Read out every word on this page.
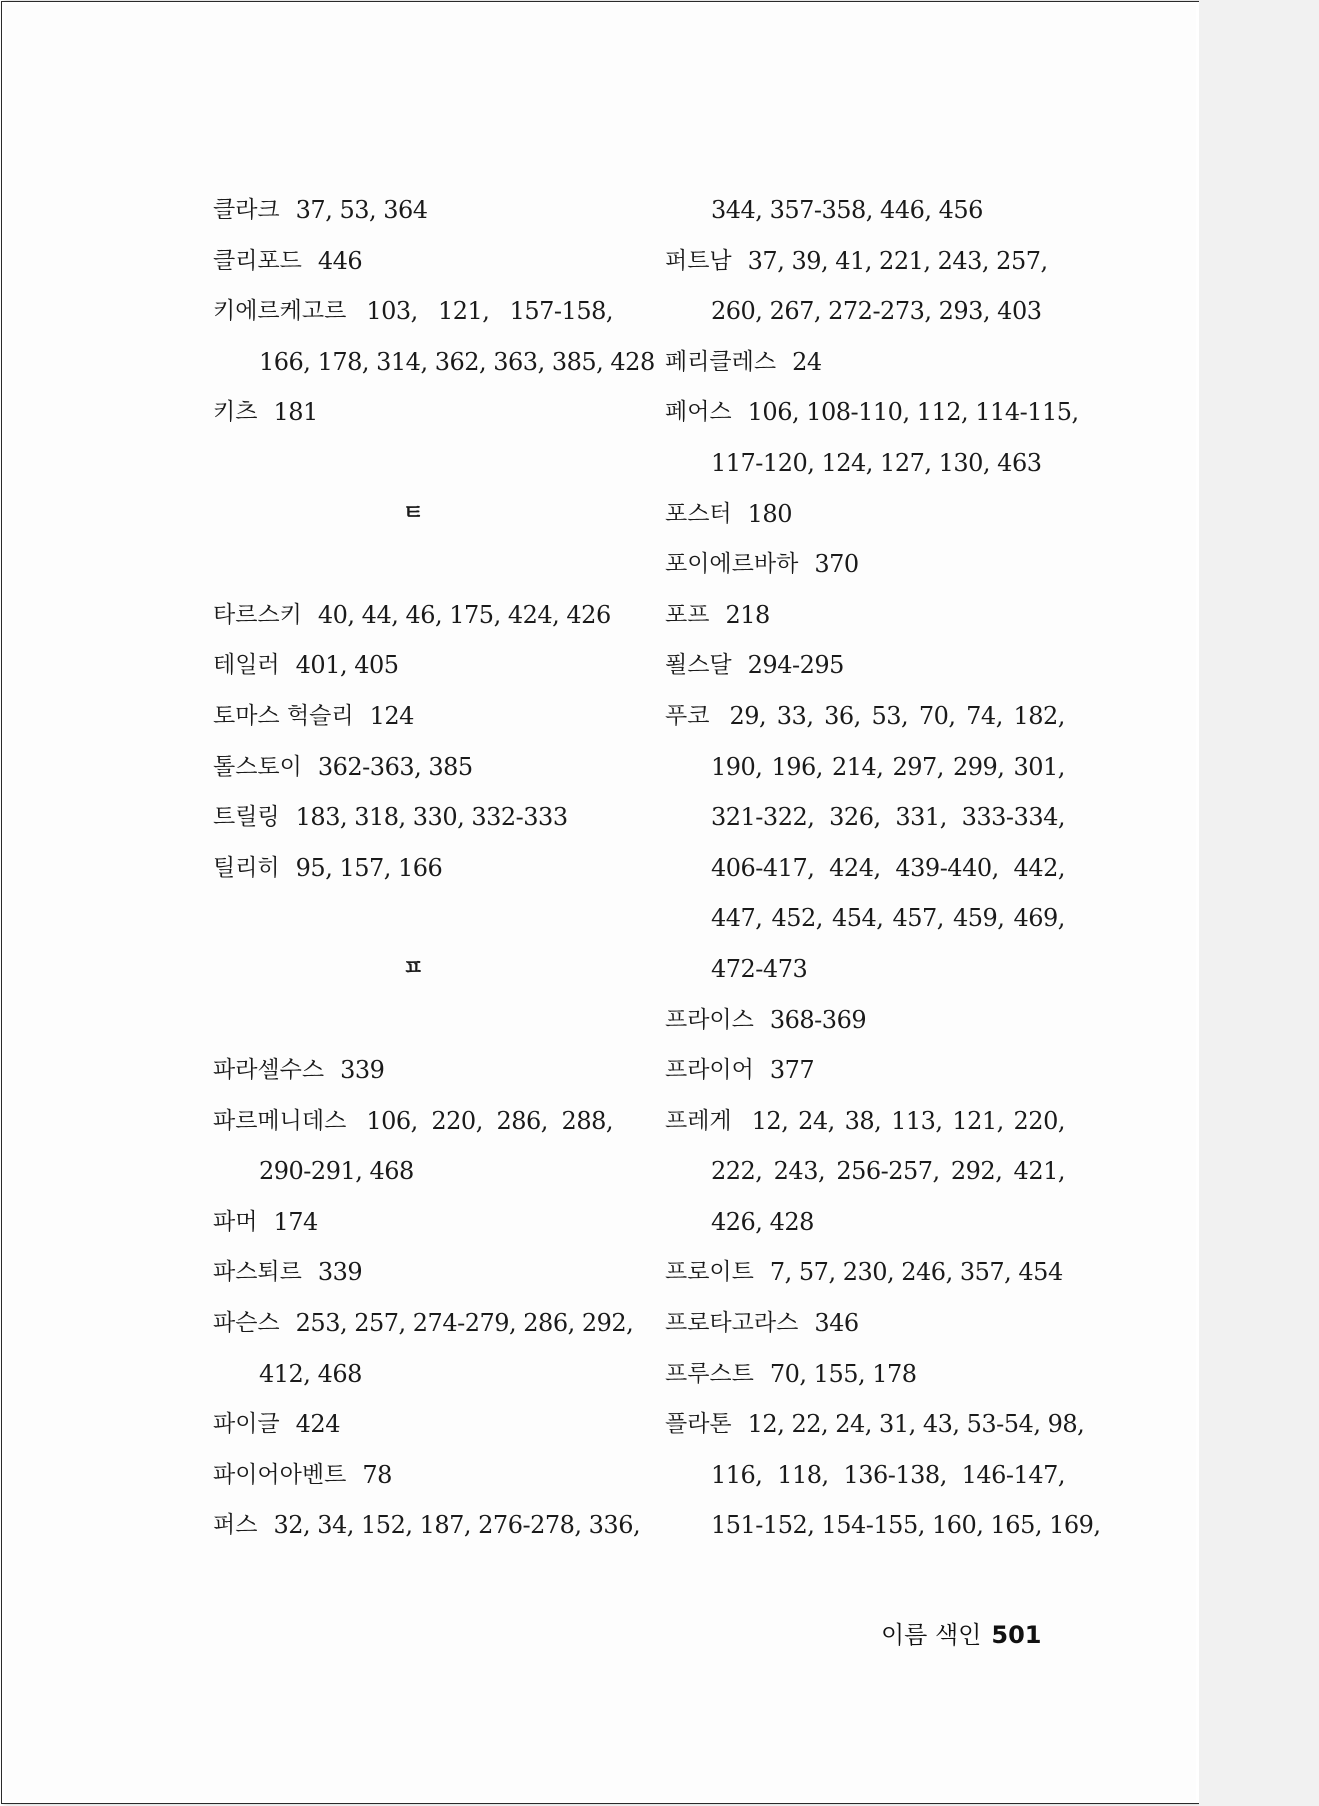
클라크 37, 53, 364
클리포드 446
키에르케고르 103, 121, 157-158,
166, 178, 314, 362, 363, 385, 428
키츠 181
ㅌ
타르스키 40, 44, 46, 175, 424, 426
테일러 401, 405
토마스 헉슬리 124
톨스토이 362-363, 385
트릴링 183, 318, 330, 332-333
틸리히 95, 157, 166
ㅍ
파라셀수스 339
파르메니데스 106, 220, 286, 288,
290-291, 468
파머 174
파스퇴르 339
파슨스 253, 257, 274-279, 286, 292,
412, 468
파이글 424
파이어아벤트 78
퍼스 32, 34, 152, 187, 276-278, 336,
344, 357-358, 446, 456
퍼트남 37, 39, 41, 221, 243, 257,
260, 267, 272-273, 293, 403
페리클레스 24
페어스 106, 108-110, 112, 114-115,
117-120, 124, 127, 130, 463
포스터 180
포이에르바하 370
포프 218
푈스달 294-295
푸코 29, 33, 36, 53, 70, 74, 182,
190, 196, 214, 297, 299, 301,
321-322, 326, 331, 333-334,
406-417, 424, 439-440, 442,
447, 452, 454, 457, 459, 469,
472-473
프라이스 368-369
프라이어 377
프레게 12, 24, 38, 113, 121, 220,
222, 243, 256-257, 292, 421,
426, 428
프로이트 7, 57, 230, 246, 357, 454
프로타고라스 346
프루스트 70, 155, 178
플라톤 12, 22, 24, 31, 43, 53-54, 98,
116, 118, 136-138, 146-147,
151-152, 154-155, 160, 165, 169,
이름 색인 501
